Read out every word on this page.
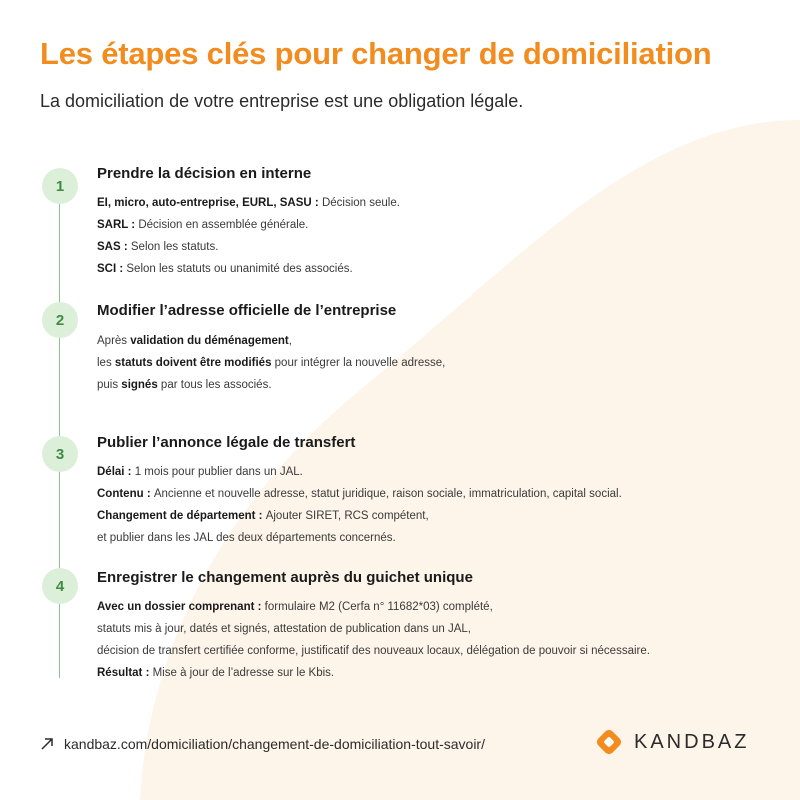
Les étapes clés pour changer de domiciliation

La domiciliation de votre entreprise est une obligation légale.

1
Prendre la décision en interne
EI, micro, auto-entreprise, EURL, SASU : Décision seule.
SARL : Décision en assemblée générale.
SAS : Selon les statuts.
SCI : Selon les statuts ou unanimité des associés.
2
Modifier l’adresse officielle de l’entreprise
Après validation du déménagement,
les statuts doivent être modifiés pour intégrer la nouvelle adresse,
puis signés par tous les associés.
3
Publier l’annonce légale de transfert
Délai : 1 mois pour publier dans un JAL.
Contenu : Ancienne et nouvelle adresse, statut juridique, raison sociale, immatriculation, capital social.
Changement de département : Ajouter SIRET, RCS compétent,
et publier dans les JAL des deux départements concernés.
4	Enregistrer le changement auprès du guichet unique
Avec un dossier comprenant : formulaire M2 (Cerfa n° 11682*03) complété,
statuts mis à jour, datés et signés, attestation de publication dans un JAL,
décision de transfert certifiée conforme, justificatif des nouveaux locaux, délégation de pouvoir si nécessaire.
Résultat : Mise à jour de l’adresse sur le Kbis.
kandbaz.com/domiciliation/changement-de-domiciliation-tout-savoir/	KANDBAZ
